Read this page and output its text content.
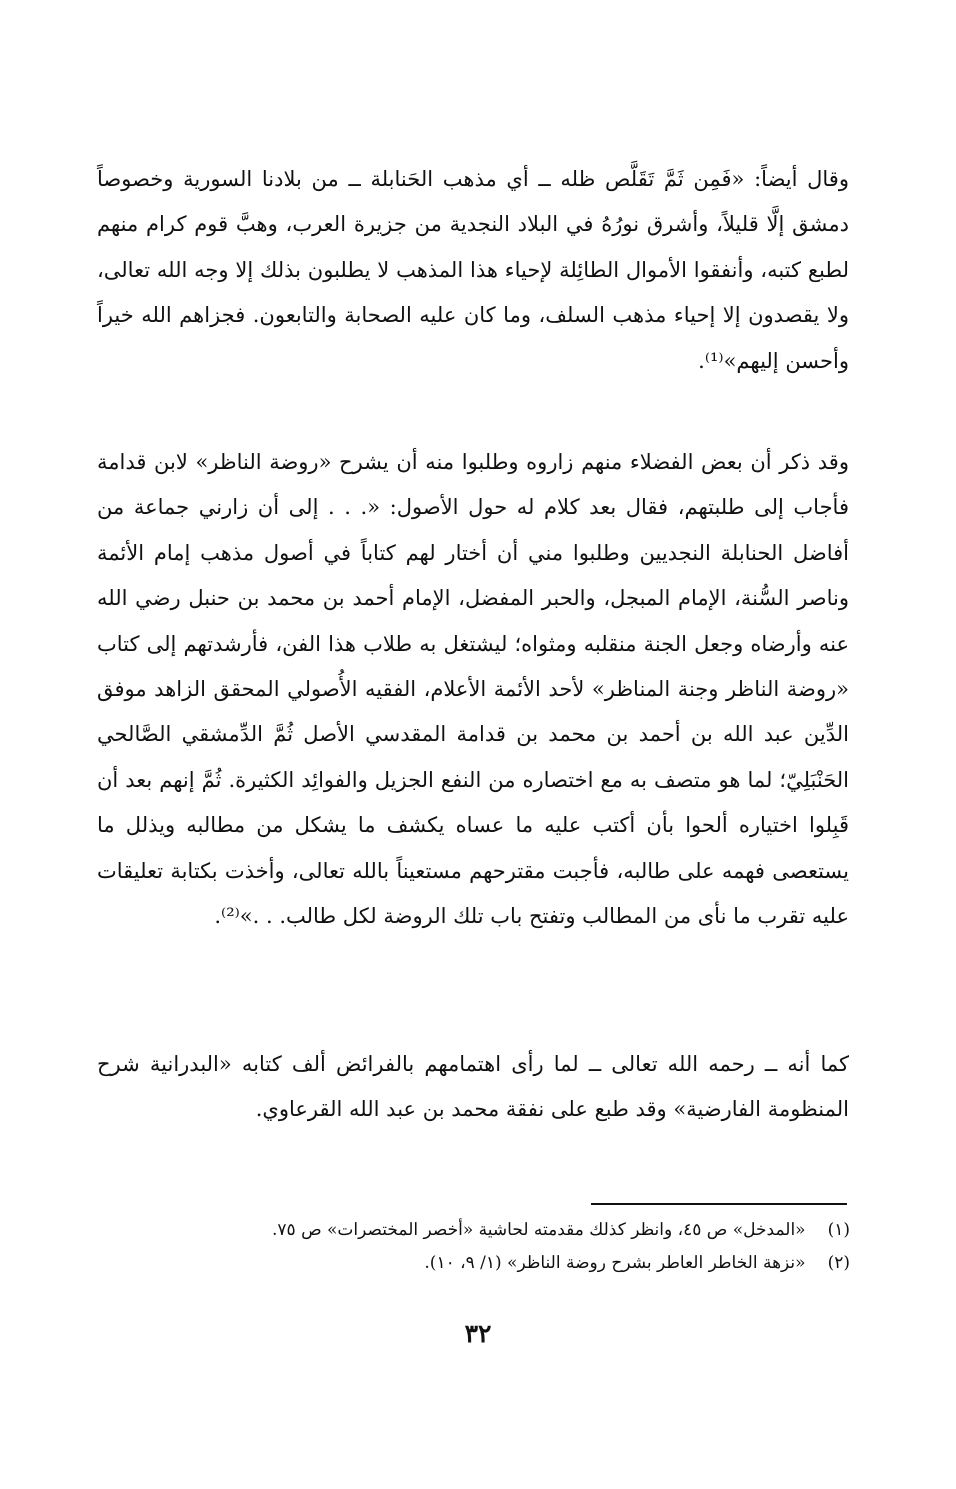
وقال أيضاً: «فَمِن ثَمَّ تَقَلَّص ظله ــ أي مذهب الحَنابلة ــ من بلادنا السورية وخصوصاً دمشق إلَّا قليلاً، وأشرق نورُهُ في البلاد النجدية من جزيرة العرب، وهبَّ قوم كرام منهم لطبع كتبه، وأنفقوا الأموال الطائِلة لإحياء هذا المذهب لا يطلبون بذلك إلا وجه الله تعالى، ولا يقصدون إلا إحياء مذهب السلف، وما كان عليه الصحابة والتابعون. فجزاهم الله خيراً وأحسن إليهم»⁽¹⁾.

وقد ذكر أن بعض الفضلاء منهم زاروه وطلبوا منه أن يشرح «روضة الناظر» لابن قدامة فأجاب إلى طلبتهم، فقال بعد كلام له حول الأصول: «. . . إلى أن زارني جماعة من أفاضل الحنابلة النجديين وطلبوا مني أن أختار لهم كتاباً في أصول مذهب إمام الأئمة وناصر السُّنة، الإمام المبجل، والحبر المفضل، الإمام أحمد بن محمد بن حنبل رضي الله عنه وأرضاه وجعل الجنة منقلبه ومثواه؛ ليشتغل به طلاب هذا الفن، فأرشدتهم إلى كتاب «روضة الناظر وجنة المناظر» لأحد الأئمة الأعلام، الفقيه الأُصولي المحقق الزاهد موفق الدِّين عبد الله بن أحمد بن محمد بن قدامة المقدسي الأصل ثُمَّ الدِّمشقي الصَّالحي الحَنْبَلِيّ؛ لما هو متصف به مع اختصاره من النفع الجزيل والفوائِد الكثيرة. ثُمَّ إنهم بعد أن قَبِلوا اختياره ألحوا بأن أكتب عليه ما عساه يكشف ما يشكل من مطالبه ويذلل ما يستعصى فهمه على طالبه، فأجبت مقترحهم مستعيناً بالله تعالى، وأخذت بكتابة تعليقات عليه تقرب ما نأى من المطالب وتفتح باب تلك الروضة لكل طالب. . .»⁽²⁾.

كما أنه ــ رحمه الله تعالى ــ لما رأى اهتمامهم بالفرائض ألف كتابه «البدرانية شرح المنظومة الفارضية» وقد طبع على نفقة محمد بن عبد الله القرعاوي.

(١)
«المدخل» ص ٤٥، وانظر كذلك مقدمته لحاشية «أخصر المختصرات» ص ٧٥.
(٢)
«نزهة الخاطر العاطر بشرح روضة الناظر» (١/ ٩، ١٠).
٣٢
